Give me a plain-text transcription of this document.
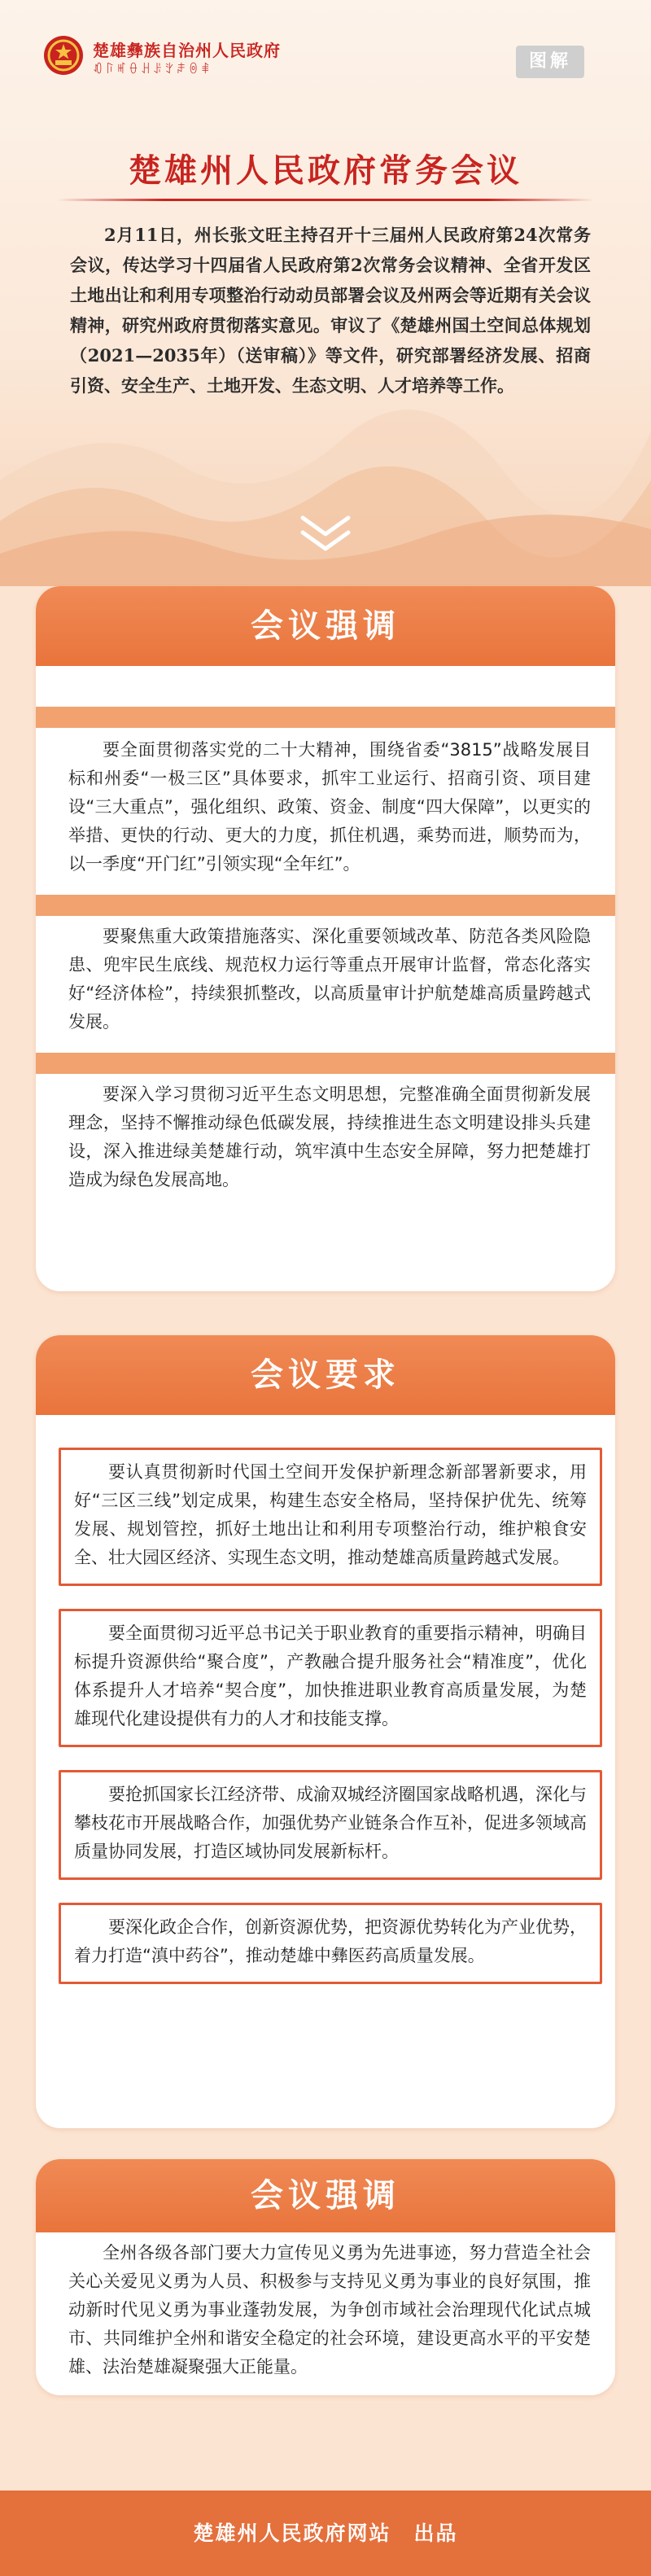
楚雄彝族自治州人民政府
ꀒꑍꎭꂷꃅꌠꇬꌧꉻꑌ	图解
楚雄州人民政府常务会议
2月11日，州长张文旺主持召开十三届州人民政府第24次常务会议，传达学习十四届省人民政府第2次常务会议精神、全省开发区土地出让和利用专项整治行动动员部署会议及州两会等近期有关会议精神，研究州政府贯彻落实意见。审议了《楚雄州国土空间总体规划（2021—2035年）（送审稿）》等文件，研究部署经济发展、招商引资、安全生产、土地开发、生态文明、人才培养等工作。
会议强调
要全面贯彻落实党的二十大精神，围绕省委“3815”战略发展目标和州委“一极三区”具体要求，抓牢工业运行、招商引资、项目建设“三大重点”，强化组织、政策、资金、制度“四大保障”，以更实的举措、更快的行动、更大的力度，抓住机遇，乘势而进，顺势而为，以一季度“开门红”引领实现“全年红”。
要聚焦重大政策措施落实、深化重要领域改革、防范各类风险隐患、兜牢民生底线、规范权力运行等重点开展审计监督，常态化落实好“经济体检”，持续狠抓整改，以高质量审计护航楚雄高质量跨越式发展。
要深入学习贯彻习近平生态文明思想，完整准确全面贯彻新发展理念，坚持不懈推动绿色低碳发展，持续推进生态文明建设排头兵建设，深入推进绿美楚雄行动，筑牢滇中生态安全屏障，努力把楚雄打造成为绿色发展高地。
会议要求
要认真贯彻新时代国土空间开发保护新理念新部署新要求，用好“三区三线”划定成果，构建生态安全格局，坚持保护优先、统筹发展、规划管控，抓好土地出让和利用专项整治行动，维护粮食安全、壮大园区经济、实现生态文明，推动楚雄高质量跨越式发展。
要全面贯彻习近平总书记关于职业教育的重要指示精神，明确目标提升资源供给“聚合度”，产教融合提升服务社会“精准度”，优化体系提升人才培养“契合度”，加快推进职业教育高质量发展，为楚雄现代化建设提供有力的人才和技能支撑。
要抢抓国家长江经济带、成渝双城经济圈国家战略机遇，深化与攀枝花市开展战略合作，加强优势产业链条合作互补，促进多领域高质量协同发展，打造区域协同发展新标杆。
要深化政企合作，创新资源优势，把资源优势转化为产业优势，着力打造“滇中药谷”，推动楚雄中彝医药高质量发展。
会议强调
全州各级各部门要大力宣传见义勇为先进事迹，努力营造全社会关心关爱见义勇为人员、积极参与支持见义勇为事业的良好氛围，推动新时代见义勇为事业蓬勃发展，为争创市域社会治理现代化试点城市、共同维护全州和谐安全稳定的社会环境，建设更高水平的平安楚雄、法治楚雄凝聚强大正能量。
楚雄州人民政府网站 出品
